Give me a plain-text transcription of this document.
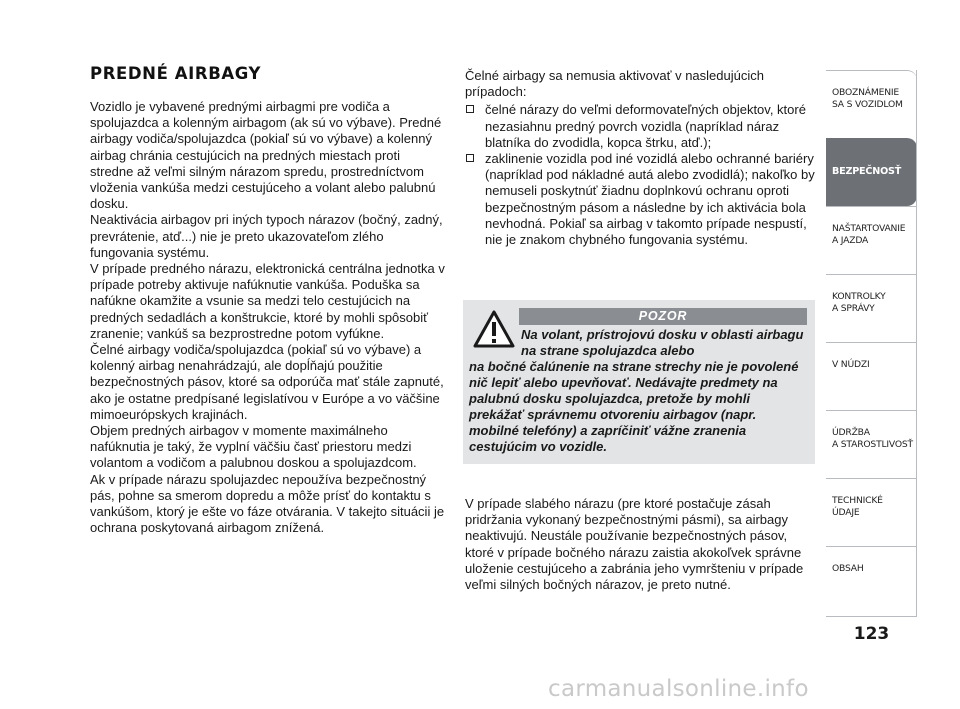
PREDNÉ AIRBAGY

Vozidlo je vybavené prednými airbagmi pre vodiča a spolujazdca a kolenným airbagom (ak sú vo výbave). Predné airbagy vodiča/spolujazdca (pokiaľ sú vo výbave) a kolenný airbag chránia cestujúcich na predných miestach proti stredne až veľmi silným nárazom spredu, prostredníctvom vloženia vankúša medzi cestujúceho a volant alebo palubnú dosku.

Neaktivácia airbagov pri iných typoch nárazov (bočný, zadný, prevrátenie, atď...) nie je preto ukazovateľom zlého fungovania systému.

V prípade predného nárazu, elektronická centrálna jednotka v prípade potreby aktivuje nafúknutie vankúša. Poduška sa nafúkne okamžite a vsunie sa medzi telo cestujúcich na predných sedadlách a konštrukcie, ktoré by mohli spôsobiť zranenie; vankúš sa bezprostredne potom vyfúkne.

Čelné airbagy vodiča/spolujazdca (pokiaľ sú vo výbave) a kolenný airbag nenahrádzajú, ale dopĺňajú použitie bezpečnostných pásov, ktoré sa odporúča mať stále zapnuté, ako je ostatne predpísané legislatívou v Európe a vo väčšine mimoeurópskych krajinách.

Objem predných airbagov v momente maximálneho nafúknutia je taký, že vyplní väčšiu časť priestoru medzi volantom a vodičom a palubnou doskou a spolujazdcom.

Ak v prípade nárazu spolujazdec nepoužíva bezpečnostný pás, pohne sa smerom dopredu a môže prísť do kontaktu s vankúšom, ktorý je ešte vo fáze otvárania. V takejto situácii je ochrana poskytovaná airbagom znížená.

Čelné airbagy sa nemusia aktivovať v nasledujúcich prípadoch:

čelné nárazy do veľmi deformovateľných objektov, ktoré nezasiahnu predný povrch vozidla (napríklad náraz blatníka do zvodidla, kopca štrku, atď.);
zaklinenie vozidla pod iné vozidlá alebo ochranné bariéry (napríklad pod nákladné autá alebo zvodidlá); nakoľko by nemuseli poskytnúť žiadnu doplnkovú ochranu oproti bezpečnostným pásom a následne by ich aktivácia bola nevhodná. Pokiaľ sa airbag v takomto prípade nespustí, nie je znakom chybného fungovania systému.
POZOR
Na volant, prístrojovú dosku v oblasti airbagu na strane spolujazdca alebo
na bočné čalúnenie na strane strechy nie je povolené nič lepiť alebo upevňovať. Nedávajte predmety na palubnú dosku spolujazdca, pretože by mohli prekážať správnemu otvoreniu airbagov (napr. mobilné telefóny) a zapríčiniť vážne zranenia cestujúcim vo vozidle.

V prípade slabého nárazu (pre ktoré postačuje zásah pridržania vykonaný bezpečnostnými pásmi), sa airbagy neaktivujú. Neustále používanie bezpečnostných pásov, ktoré v prípade bočného nárazu zaistia akokoľvek správne uloženie cestujúceho a zabránia jeho vymršteniu v prípade veľmi silných bočných nárazov, je preto nutné.

OBOZNÁMENIE
SA S VOZIDLOM
BEZPEČNOSŤ
NAŠTARTOVANIE
A JAZDA
KONTROLKY
A SPRÁVY
V NÚDZI
ÚDRŽBA
A STAROSTLIVOSŤ
TECHNICKÉ
ÚDAJE
OBSAH
123
carmanualsonline.info
